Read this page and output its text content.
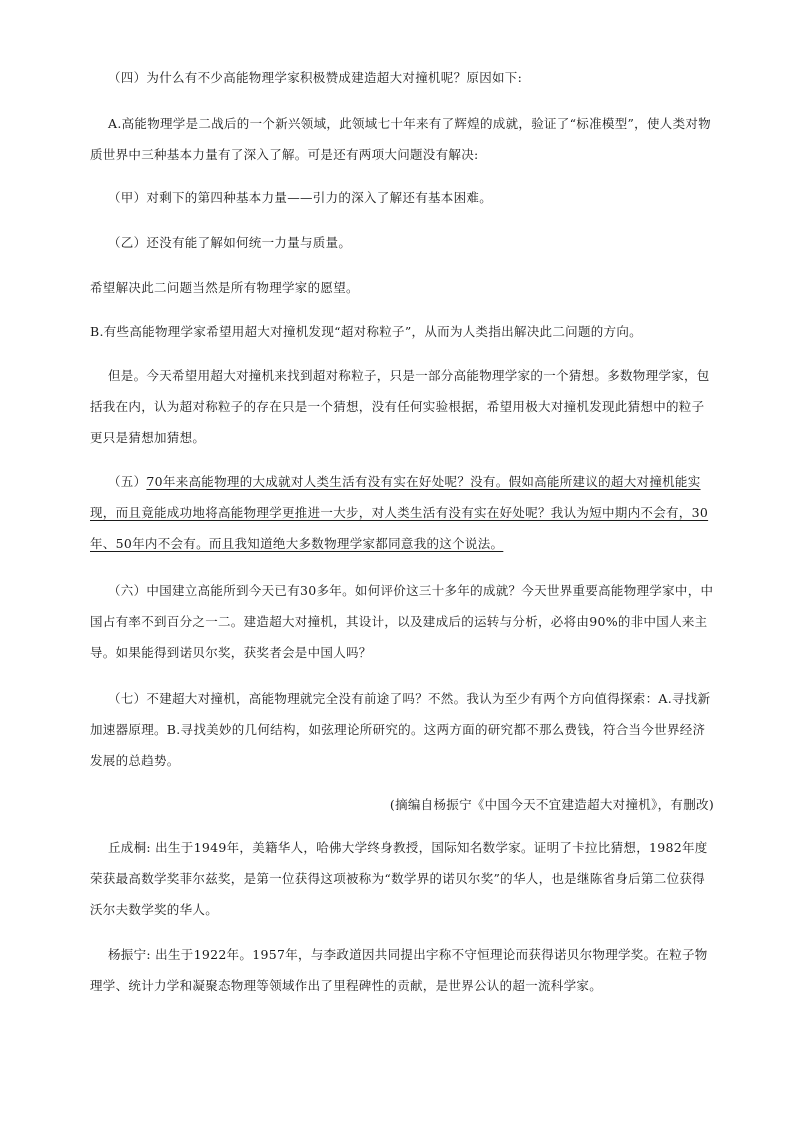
（四）为什么有不少高能物理学家积极赞成建造超大对撞机呢？原因如下:

A.高能物理学是二战后的一个新兴领域，此领域七十年来有了辉煌的成就，验证了“标准模型”，使人类对物质世界中三种基本力量有了深入了解。可是还有两项大问题没有解决:

（甲）对剩下的第四种基本力量——引力的深入了解还有基本困难。

（乙）还没有能了解如何统一力量与质量。

希望解决此二问题当然是所有物理学家的愿望。

B.有些高能物理学家希望用超大对撞机发现“超对称粒子”，从而为人类指出解决此二问题的方向。

但是。今天希望用超大对撞机来找到超对称粒子，只是一部分高能物理学家的一个猜想。多数物理学家，包括我在内，认为超对称粒子的存在只是一个猜想，没有任何实验根据，希望用极大对撞机发现此猜想中的粒子更只是猜想加猜想。

（五）70年来高能物理的大成就对人类生活有没有实在好处呢？没有。假如高能所建议的超大对撞机能实现，而且竟能成功地将高能物理学更推进一大步，对人类生活有没有实在好处呢？我认为短中期内不会有，30年、50年内不会有。而且我知道绝大多数物理学家都同意我的这个说法。

（六）中国建立高能所到今天已有30多年。如何评价这三十多年的成就？今天世界重要高能物理学家中，中国占有率不到百分之一二。建造超大对撞机，其设计，以及建成后的运转与分析，必将由90%的非中国人来主导。如果能得到诺贝尔奖，获奖者会是中国人吗？

（七）不建超大对撞机，高能物理就完全没有前途了吗？不然。我认为至少有两个方向值得探索：A.寻找新加速器原理。B.寻找美妙的几何结构，如弦理论所研究的。这两方面的研究都不那么费钱，符合当今世界经济发展的总趋势。

(摘编自杨振宁《中国今天不宜建造超大对撞机》，有删改)

丘成桐: 出生于1949年，美籍华人，哈佛大学终身教授，国际知名数学家。证明了卡拉比猜想，1982年度荣获最高数学奖菲尔兹奖，是第一位获得这项被称为“数学界的诺贝尔奖”的华人，也是继陈省身后第二位获得沃尔夫数学奖的华人。

杨振宁: 出生于1922年。1957年，与李政道因共同提出宇称不守恒理论而获得诺贝尔物理学奖。在粒子物理学、统计力学和凝聚态物理等领域作出了里程碑性的贡献，是世界公认的超一流科学家。
